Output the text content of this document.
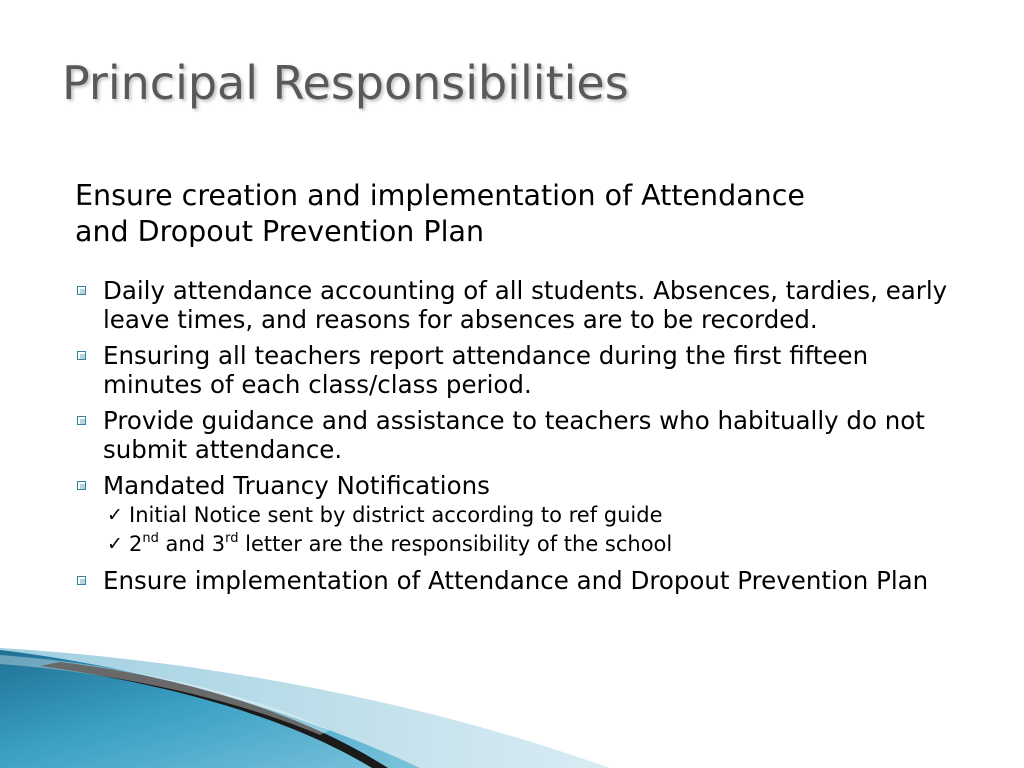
Principal Responsibilities

Ensure creation and implementation of Attendance and Dropout Prevention Plan

Daily attendance accounting of all students. Absences, tardies, early leave times, and reasons for absences are to be recorded.
Ensuring all teachers report attendance during the first fifteen minutes of each class/class period.
Provide guidance and assistance to teachers who habitually do not submit attendance.
Mandated Truancy Notifications
✓ Initial Notice sent by district according to ref guide
✓ 2nd and 3rd letter are the responsibility of the school
Ensure implementation of Attendance and Dropout Prevention Plan
